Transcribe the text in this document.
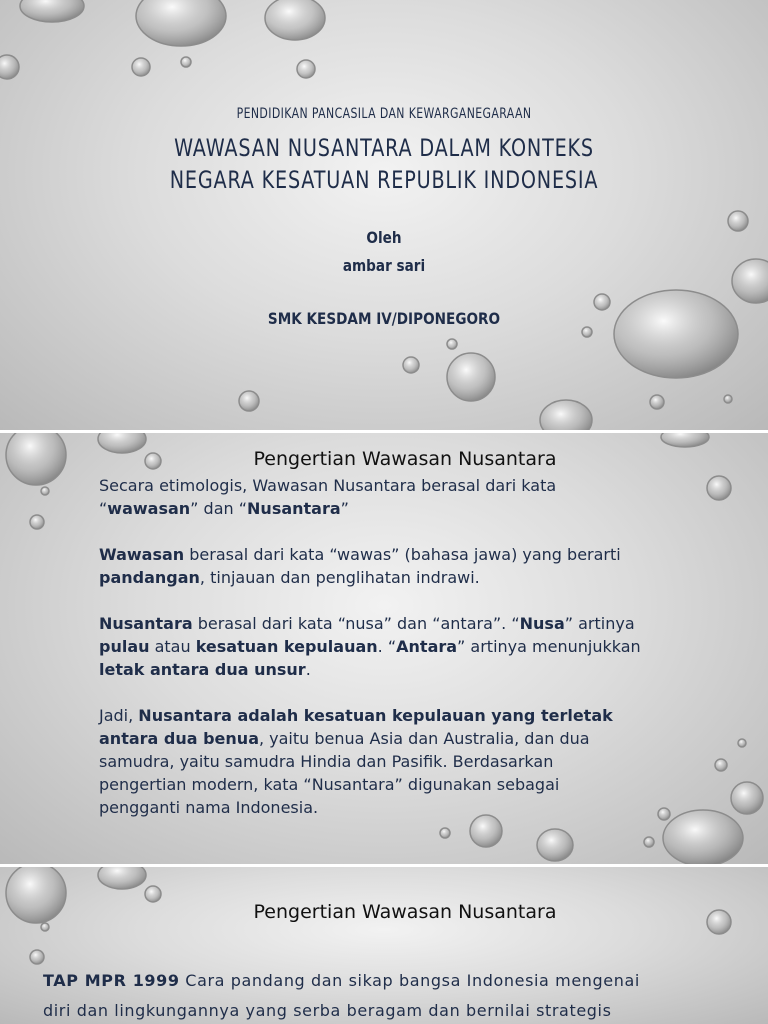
PENDIDIKAN PANCASILA DAN KEWARGANEGARAAN
WAWASAN NUSANTARA DALAM KONTEKS
NEGARA KESATUAN REPUBLIK INDONESIA
Oleh
ambar sari
SMK KESDAM IV/DIPONEGORO
Pengertian Wawasan Nusantara

Secara etimologis, Wawasan Nusantara berasal dari kata
“wawasan” dan “Nusantara”

Wawasan berasal dari kata “wawas” (bahasa jawa) yang berarti
pandangan, tinjauan dan penglihatan indrawi.

Nusantara berasal dari kata “nusa” dan “antara”. “Nusa” artinya
pulau atau kesatuan kepulauan. “Antara” artinya menunjukkan
letak antara dua unsur.

Jadi, Nusantara adalah kesatuan kepulauan yang terletak
antara dua benua, yaitu benua Asia dan Australia, dan dua
samudra, yaitu samudra Hindia dan Pasifik. Berdasarkan
pengertian modern, kata “Nusantara” digunakan sebagai
pengganti nama Indonesia.

Pengertian Wawasan Nusantara
TAP MPR 1999 Cara pandang dan sikap bangsa Indonesia mengenai
diri dan lingkungannya yang serba beragam dan bernilai strategis
